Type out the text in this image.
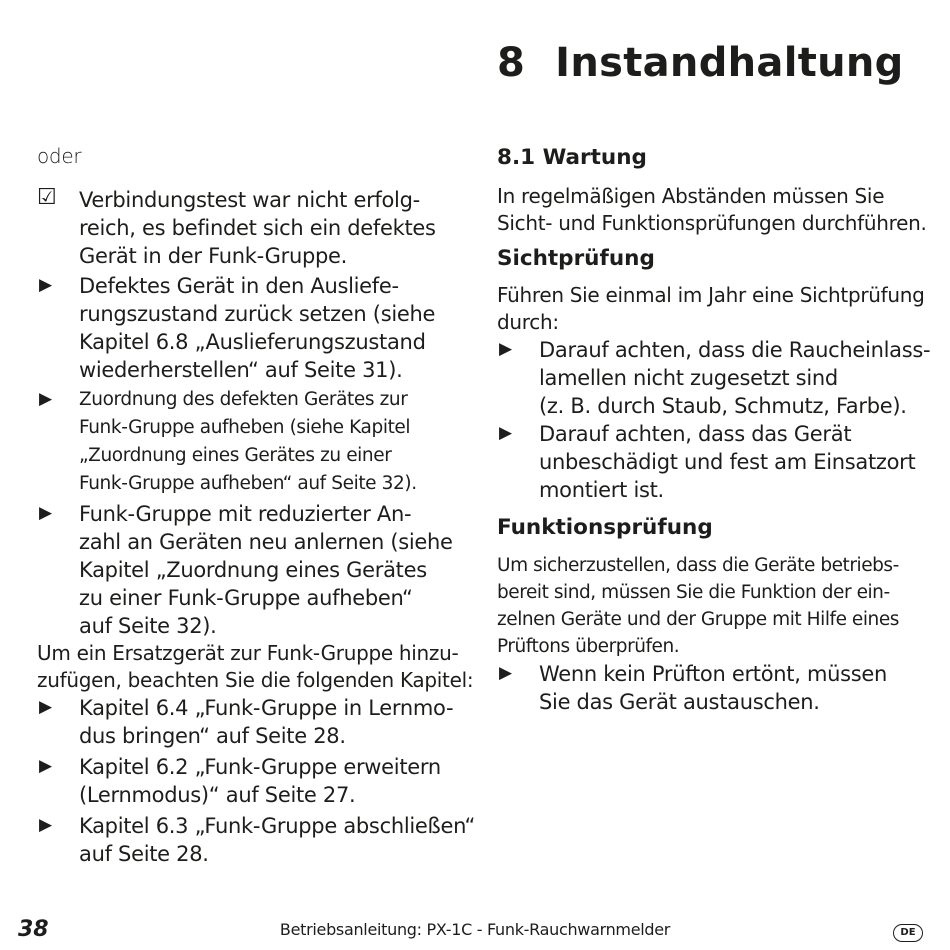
8 Instandhaltung
oder
☑ Verbindungstest war nicht erfolg-
reich, es befindet sich ein defektes
Gerät in der Funk-Gruppe.
▶ Defektes Gerät in den Ausliefe-
rungszustand zurück setzen (siehe
Kapitel 6.8 „Auslieferungszustand
wiederherstellen“ auf Seite 31).
▶ Zuordnung des defekten Gerätes zur
Funk-Gruppe aufheben (siehe Kapitel
„Zuordnung eines Gerätes zu einer
Funk-Gruppe aufheben“ auf Seite 32).
▶ Funk-Gruppe mit reduzierter An-
zahl an Geräten neu anlernen (siehe
Kapitel „Zuordnung eines Gerätes
zu einer Funk-Gruppe aufheben“
auf Seite 32).
Um ein Ersatzgerät zur Funk-Gruppe hinzu-
zufügen, beachten Sie die folgenden Kapitel:
▶ Kapitel 6.4 „Funk-Gruppe in Lernmo-
dus bringen“ auf Seite 28.
▶ Kapitel 6.2 „Funk-Gruppe erweitern
(Lernmodus)“ auf Seite 27.
▶ Kapitel 6.3 „Funk-Gruppe abschließen“
auf Seite 28.
8.1 Wartung
In regelmäßigen Abständen müssen Sie
Sicht- und Funktionsprüfungen durchführen.
Sichtprüfung
Führen Sie einmal im Jahr eine Sichtprüfung
durch:
▶ Darauf achten, dass die Raucheinlass-
lamellen nicht zugesetzt sind
(z. B. durch Staub, Schmutz, Farbe).
▶ Darauf achten, dass das Gerät
unbeschädigt und fest am Einsatzort
montiert ist.
Funktionsprüfung
Um sicherzustellen, dass die Geräte betriebs-
bereit sind, müssen Sie die Funktion der ein-
zelnen Geräte und der Gruppe mit Hilfe eines
Prüftons überprüfen.
▶ Wenn kein Prüfton ertönt, müssen
Sie das Gerät austauschen.
38	Betriebsanleitung: PX-1C - Funk-Rauchwarnmelder	DE
